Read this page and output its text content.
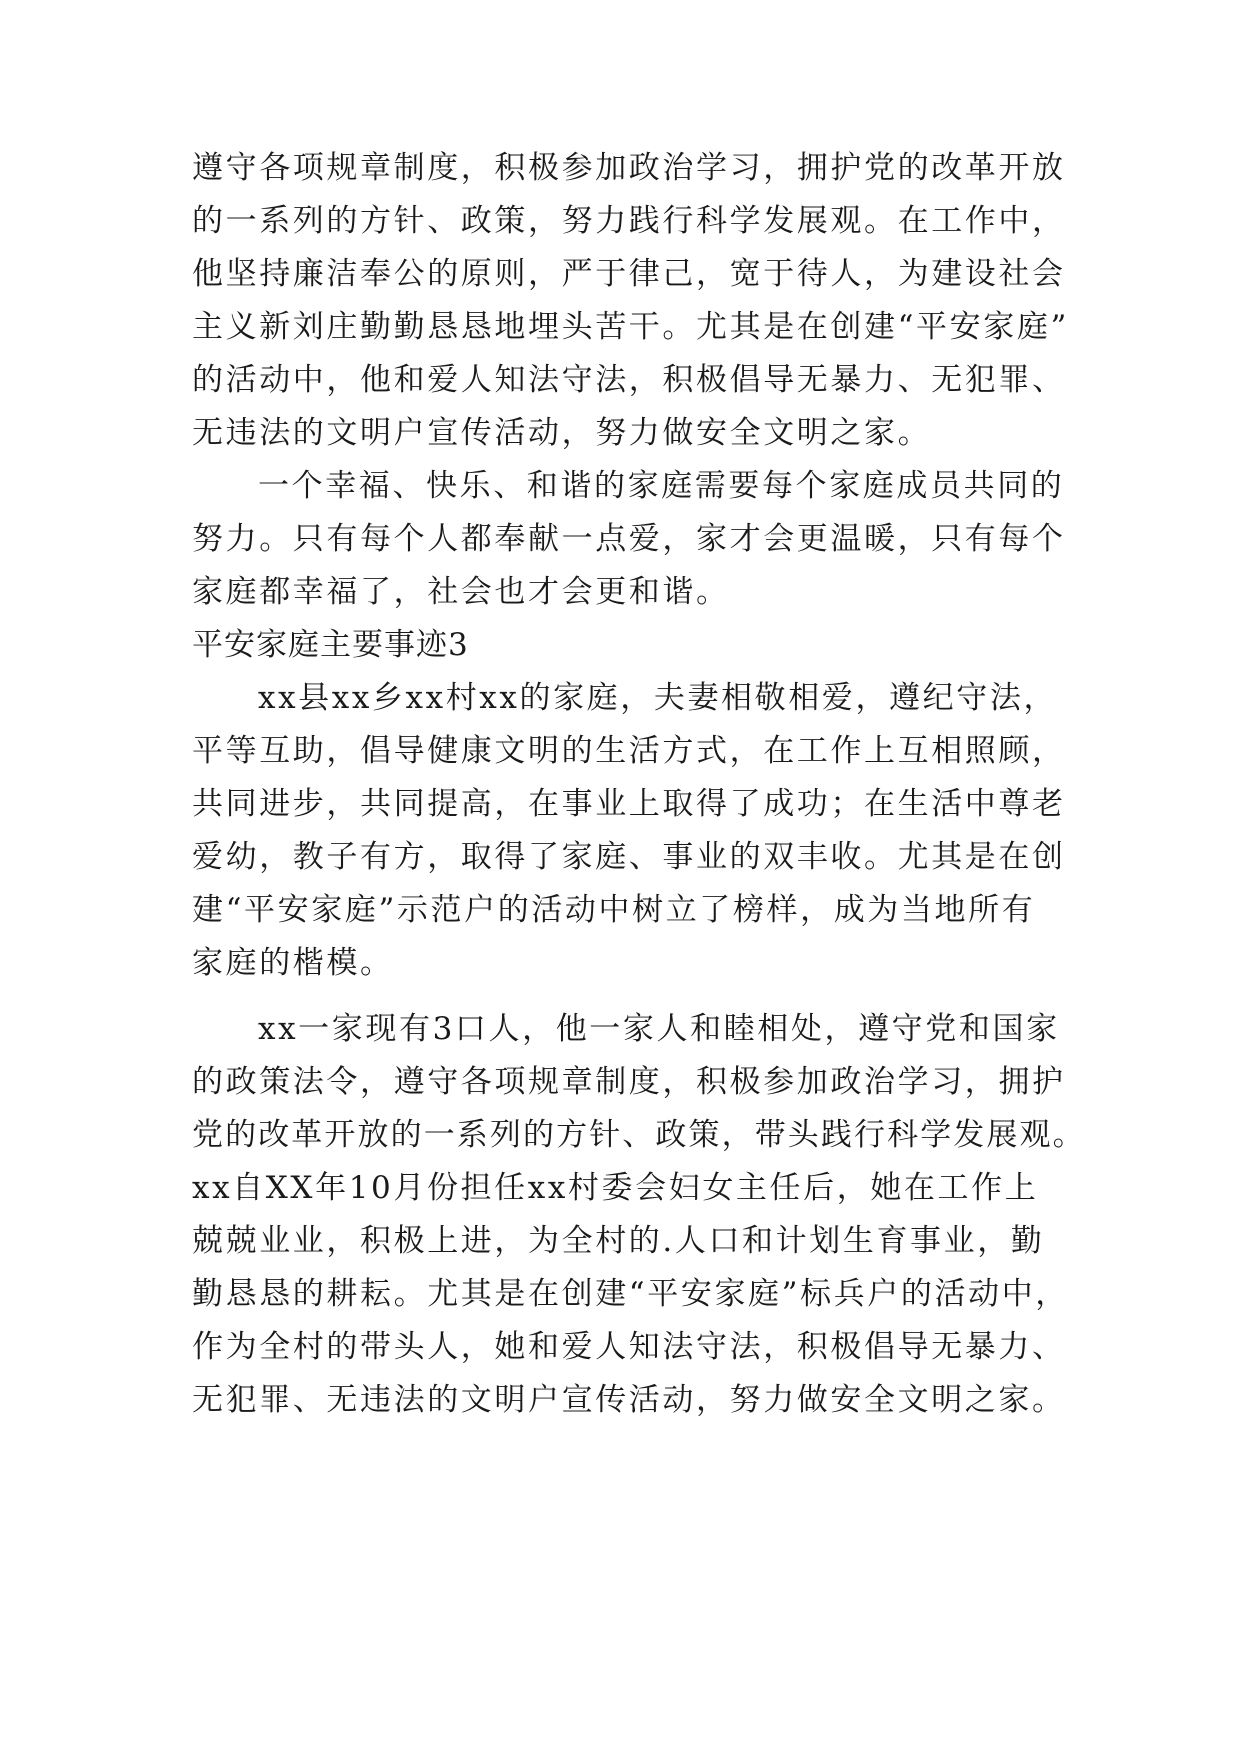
遵守各项规章制度，积极参加政治学习，拥护党的改革开放
的一系列的方针、政策，努力践行科学发展观。在工作中，
他坚持廉洁奉公的原则，严于律己，宽于待人，为建设社会
主义新刘庄勤勤恳恳地埋头苦干。尤其是在创建“平安家庭”
的活动中，他和爱人知法守法，积极倡导无暴力、无犯罪、
无违法的文明户宣传活动，努力做安全文明之家。
一个幸福、快乐、和谐的家庭需要每个家庭成员共同的
努力。只有每个人都奉献一点爱，家才会更温暖，只有每个
家庭都幸福了，社会也才会更和谐。
平安家庭主要事迹3
xx县xx乡xx村xx的家庭，夫妻相敬相爱，遵纪守法，
平等互助，倡导健康文明的生活方式，在工作上互相照顾，
共同进步，共同提高，在事业上取得了成功；在生活中尊老
爱幼，教子有方，取得了家庭、事业的双丰收。尤其是在创
建“平安家庭”示范户的活动中树立了榜样，成为当地所有
家庭的楷模。
xx一家现有3口人，他一家人和睦相处，遵守党和国家
的政策法令，遵守各项规章制度，积极参加政治学习，拥护
党的改革开放的一系列的方针、政策，带头践行科学发展观。
xx自XX年10月份担任xx村委会妇女主任后，她在工作上
兢兢业业，积极上进，为全村的.人口和计划生育事业，勤
勤恳恳的耕耘。尤其是在创建“平安家庭”标兵户的活动中，
作为全村的带头人，她和爱人知法守法，积极倡导无暴力、
无犯罪、无违法的文明户宣传活动，努力做安全文明之家。
